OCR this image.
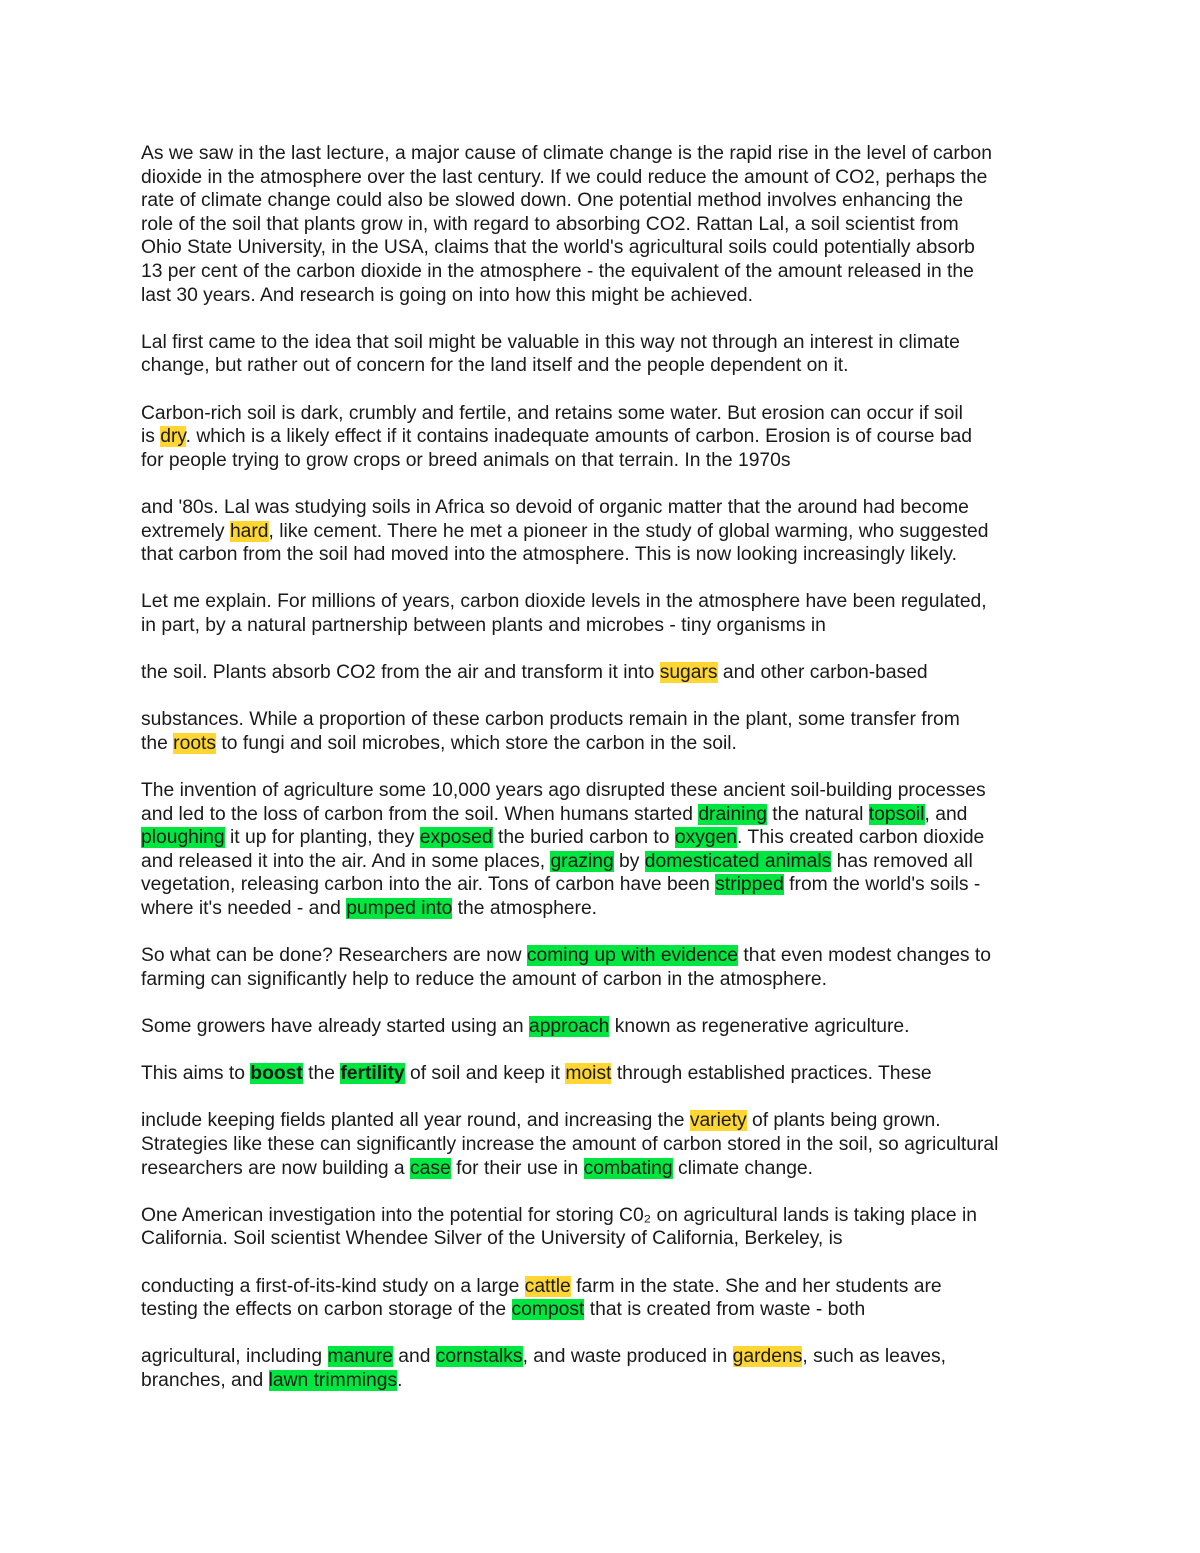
As we saw in the last lecture, a major cause of climate change is the rapid rise in the level of carbon
dioxide in the atmosphere over the last century. If we could reduce the amount of CO2, perhaps the
rate of climate change could also be slowed down. One potential method involves enhancing the
role of the soil that plants grow in, with regard to absorbing CO2. Rattan Lal, a soil scientist from
Ohio State University, in the USA, claims that the world's agricultural soils could potentially absorb
13 per cent of the carbon dioxide in the atmosphere - the equivalent of the amount released in the
last 30 years. And research is going on into how this might be achieved.
Lal first came to the idea that soil might be valuable in this way not through an interest in climate
change, but rather out of concern for the land itself and the people dependent on it.
Carbon-rich soil is dark, crumbly and fertile, and retains some water. But erosion can occur if soil
is dry. which is a likely effect if it contains inadequate amounts of carbon. Erosion is of course bad
for people trying to grow crops or breed animals on that terrain. In the 1970s
and '80s. Lal was studying soils in Africa so devoid of organic matter that the around had become
extremely hard, like cement. There he met a pioneer in the study of global warming, who suggested
that carbon from the soil had moved into the atmosphere. This is now looking increasingly likely.
Let me explain. For millions of years, carbon dioxide levels in the atmosphere have been regulated,
in part, by a natural partnership between plants and microbes - tiny organisms in
the soil. Plants absorb CO2 from the air and transform it into sugars and other carbon-based
substances. While a proportion of these carbon products remain in the plant, some transfer from
the roots to fungi and soil microbes, which store the carbon in the soil.
The invention of agriculture some 10,000 years ago disrupted these ancient soil-building processes
and led to the loss of carbon from the soil. When humans started draining the natural topsoil, and
ploughing it up for planting, they exposed the buried carbon to oxygen. This created carbon dioxide
and released it into the air. And in some places, grazing by domesticated animals has removed all
vegetation, releasing carbon into the air. Tons of carbon have been stripped from the world's soils -
where it's needed - and pumped into the atmosphere.
So what can be done? Researchers are now coming up with evidence that even modest changes to
farming can significantly help to reduce the amount of carbon in the atmosphere.
Some growers have already started using an approach known as regenerative agriculture.
This aims to boost the fertility of soil and keep it moist through established practices. These
include keeping fields planted all year round, and increasing the variety of plants being grown.
Strategies like these can significantly increase the amount of carbon stored in the soil, so agricultural
researchers are now building a case for their use in combating climate change.
One American investigation into the potential for storing C0₂ on agricultural lands is taking place in
California. Soil scientist Whendee Silver of the University of California, Berkeley, is
conducting a first-of-its-kind study on a large cattle farm in the state. She and her students are
testing the effects on carbon storage of the compost that is created from waste - both
agricultural, including manure and cornstalks, and waste produced in gardens, such as leaves,
branches, and lawn trimmings.
